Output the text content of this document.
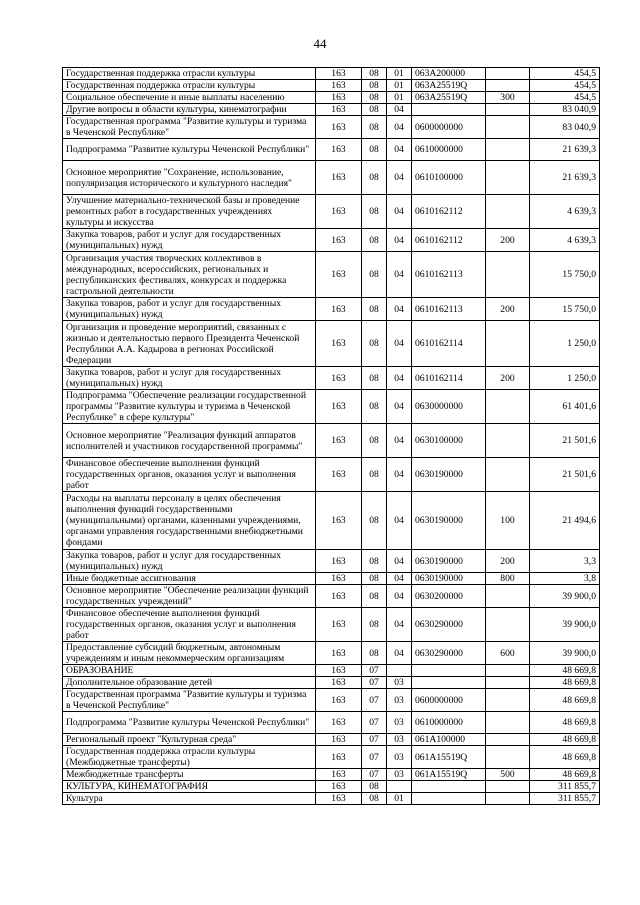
44
Государственная поддержка отрасли культуры	163	08	01	063A200000		454,5
Государственная поддержка отрасли культуры	163	08	01	063A25519Q		454,5
Социальное обеспечение и иные выплаты населению	163	08	01	063A25519Q	300	454,5
Другие вопросы в области культуры, кинематографии	163	08	04			83 040,9
Государственная программа "Развитие культуры и туризма в Чеченской Республике"	163	08	04	0600000000		83 040,9
Подпрограмма "Развитие культуры Чеченской Республики"	163	08	04	0610000000		21 639,3
Основное мероприятие "Сохранение, использование, популяризация исторического и культурного наследия"	163	08	04	0610100000		21 639,3
Улучшение материально-технической базы и проведение ремонтных работ в государственных учреждениях культуры и искусства	163	08	04	0610162112		4 639,3
Закупка товаров, работ и услуг для государственных (муниципальных) нужд	163	08	04	0610162112	200	4 639,3
Организация участия творческих коллективов в международных, всероссийских, региональных и республиканских фестивалях, конкурсах и поддержка гастрольной деятельности	163	08	04	0610162113		15 750,0
Закупка товаров, работ и услуг для государственных (муниципальных) нужд	163	08	04	0610162113	200	15 750,0
Организация и проведение мероприятий, связанных с жизнью и деятельностью первого Президента Чеченской Республики А.А. Кадырова в регионах Российской Федерации	163	08	04	0610162114		1 250,0
Закупка товаров, работ и услуг для государственных (муниципальных) нужд	163	08	04	0610162114	200	1 250,0
Подпрограмма "Обеспечение реализации государственной программы "Развитие культуры и туризма в Чеченской Республике" в сфере культуры"	163	08	04	0630000000		61 401,6
Основное мероприятие "Реализация функций аппаратов исполнителей и участников государственной программы"	163	08	04	0630100000		21 501,6
Финансовое обеспечение выполнения функций государственных органов, оказания услуг и выполнения работ	163	08	04	0630190000		21 501,6
Расходы на выплаты персоналу в целях обеспечения выполнения функций государственными (муниципальными) органами, казенными учреждениями, органами управления государственными внебюджетными фондами	163	08	04	0630190000	100	21 494,6
Закупка товаров, работ и услуг для государственных (муниципальных) нужд	163	08	04	0630190000	200	3,3
Иные бюджетные ассигнования	163	08	04	0630190000	800	3,8
Основное мероприятие "Обеспечение реализации функций государственных учреждений"	163	08	04	0630200000		39 900,0
Финансовое обеспечение выполнения функций государственных органов, оказания услуг и выполнения работ	163	08	04	0630290000		39 900,0
Предоставление субсидий бюджетным, автономным учреждениям и иным некоммерческим организациям	163	08	04	0630290000	600	39 900,0
ОБРАЗОВАНИЕ	163	07				48 669,8
Дополнительное образование детей	163	07	03			48 669,8
Государственная программа "Развитие культуры и туризма в Чеченской Республике"	163	07	03	0600000000		48 669,8
Подпрограмма "Развитие культуры Чеченской Республики"	163	07	03	0610000000		48 669,8
Региональный проект "Культурная среда"	163	07	03	061A100000		48 669,8
Государственная поддержка отрасли культуры (Межбюджетные трансферты)	163	07	03	061A15519Q		48 669,8
Межбюджетные трансферты	163	07	03	061A15519Q	500	48 669,8
КУЛЬТУРА, КИНЕМАТОГРАФИЯ	163	08				311 855,7
Культура	163	08	01			311 855,7
